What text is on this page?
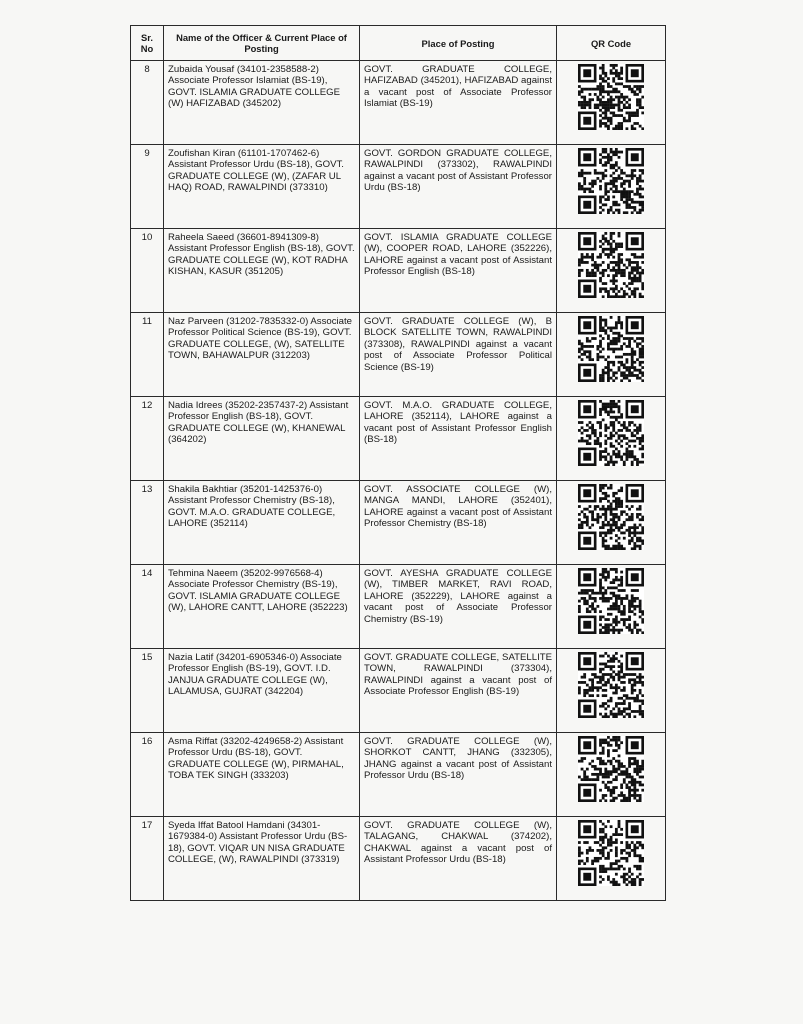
Sr.
No	Name of the Officer & Current Place of Posting	Place of Posting	QR Code
8	Zubaida Yousaf (34101-2358588-2) Associate Professor Islamiat (BS-19), GOVT. ISLAMIA GRADUATE COLLEGE (W) HAFIZABAD (345202)	GOVT. GRADUATE COLLEGE, HAFIZABAD (345201), HAFIZABAD against a vacant post of Associate Professor Islamiat (BS-19)	

9	Zoufishan Kiran (61101-1707462-6) Assistant Professor Urdu (BS-18), GOVT. GRADUATE COLLEGE (W), (ZAFAR UL HAQ) ROAD, RAWALPINDI (373310)	GOVT. GORDON GRADUATE COLLEGE, RAWALPINDI (373302), RAWALPINDI against a vacant post of Assistant Professor Urdu (BS-18)	

10	Raheela Saeed (36601-8941309-8) Assistant Professor English (BS-18), GOVT. GRADUATE COLLEGE (W), KOT RADHA KISHAN, KASUR (351205)	GOVT. ISLAMIA GRADUATE COLLEGE (W), COOPER ROAD, LAHORE (352226), LAHORE against a vacant post of Assistant Professor English (BS-18)	

11	Naz Parveen (31202-7835332-0) Associate Professor Political Science (BS-19), GOVT. GRADUATE COLLEGE, (W), SATELLITE TOWN, BAHAWALPUR (312203)	GOVT. GRADUATE COLLEGE (W), B BLOCK SATELLITE TOWN, RAWALPINDI (373308), RAWALPINDI against a vacant post of Associate Professor Political Science (BS-19)	

12	Nadia Idrees (35202-2357437-2) Assistant Professor English (BS-18), GOVT. GRADUATE COLLEGE (W), KHANEWAL (364202)	GOVT. M.A.O. GRADUATE COLLEGE, LAHORE (352114), LAHORE against a vacant post of Assistant Professor English (BS-18)	

13	Shakila Bakhtiar (35201-1425376-0) Assistant Professor Chemistry (BS-18), GOVT. M.A.O. GRADUATE COLLEGE, LAHORE (352114)	GOVT. ASSOCIATE COLLEGE (W), MANGA MANDI, LAHORE (352401), LAHORE against a vacant post of Assistant Professor Chemistry (BS-18)	

14	Tehmina Naeem (35202-9976568-4) Associate Professor Chemistry (BS-19), GOVT. ISLAMIA GRADUATE COLLEGE (W), LAHORE CANTT, LAHORE (352223)	GOVT. AYESHA GRADUATE COLLEGE (W), TIMBER MARKET, RAVI ROAD, LAHORE (352229), LAHORE against a vacant post of Associate Professor Chemistry (BS-19)	

15	Nazia Latif (34201-6905346-0) Associate Professor English (BS-19), GOVT. I.D. JANJUA GRADUATE COLLEGE (W), LALAMUSA, GUJRAT (342204)	GOVT. GRADUATE COLLEGE, SATELLITE TOWN, RAWALPINDI (373304), RAWALPINDI against a vacant post of Associate Professor English (BS-19)	

16	Asma Riffat (33202-4249658-2) Assistant Professor Urdu (BS-18), GOVT. GRADUATE COLLEGE (W), PIRMAHAL, TOBA TEK SINGH (333203)	GOVT. GRADUATE COLLEGE (W), SHORKOT CANTT, JHANG (332305), JHANG against a vacant post of Assistant Professor Urdu (BS-18)	

17	Syeda Iffat Batool Hamdani (34301-1679384-0) Assistant Professor Urdu (BS-18), GOVT. VIQAR UN NISA GRADUATE COLLEGE, (W), RAWALPINDI (373319)	GOVT. GRADUATE COLLEGE (W), TALAGANG, CHAKWAL (374202), CHAKWAL against a vacant post of Assistant Professor Urdu (BS-18)	
